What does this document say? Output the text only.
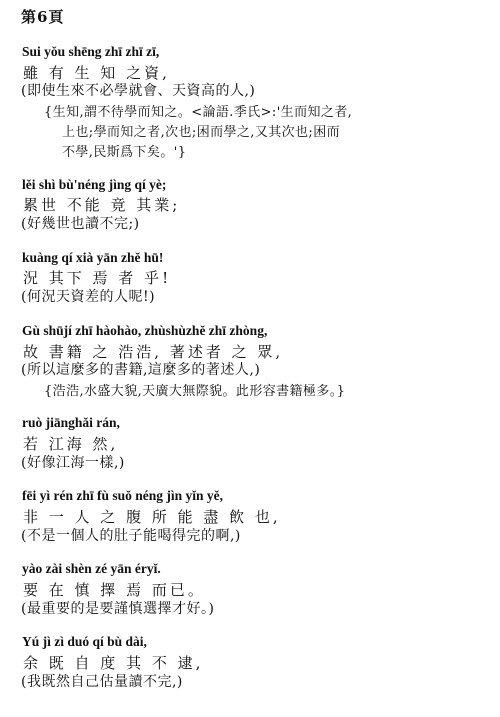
第6頁
Sui yǒu shēng zhī zhī zī,
雖 有 生 知 之資,
(即使生來不必學就會、天資高的人,)
{生知,謂不待學而知之。<論語.季氏>:'生而知之者,
上也;學而知之者,次也;困而學之,又其次也;困而
不學,民斯爲下矣。'}
lěi shì bù'néng jìng qí yè;
累世 不能 竟 其業;
(好幾世也讀不完;)
kuàng qí xià yān zhě hū!
況 其下 焉 者 乎!
(何況天資差的人呢!)
Gù shūjí zhī hàohào, zhùshùzhě zhī zhòng,
故 書籍 之 浩浩, 著述者 之 眾,
(所以這麼多的書籍,這麼多的著述人,)
{浩浩,水盛大貌,天廣大無際貌。此形容書籍極多。}
ruò jiānghǎi rán,
若 江海 然,
(好像江海一樣,)
fēi yì rén zhī fù suǒ néng jìn yǐn yě,
非 一 人 之 腹 所 能 盡 飲 也,
(不是一個人的肚子能喝得完的啊,)
yào zài shèn zé yān éryǐ.
要 在 慎 擇 焉 而已。
(最重要的是要謹慎選擇才好。)
Yú jì zì duó qí bù dài,
余 既 自 度 其 不 逮,
(我既然自己估量讀不完,)
